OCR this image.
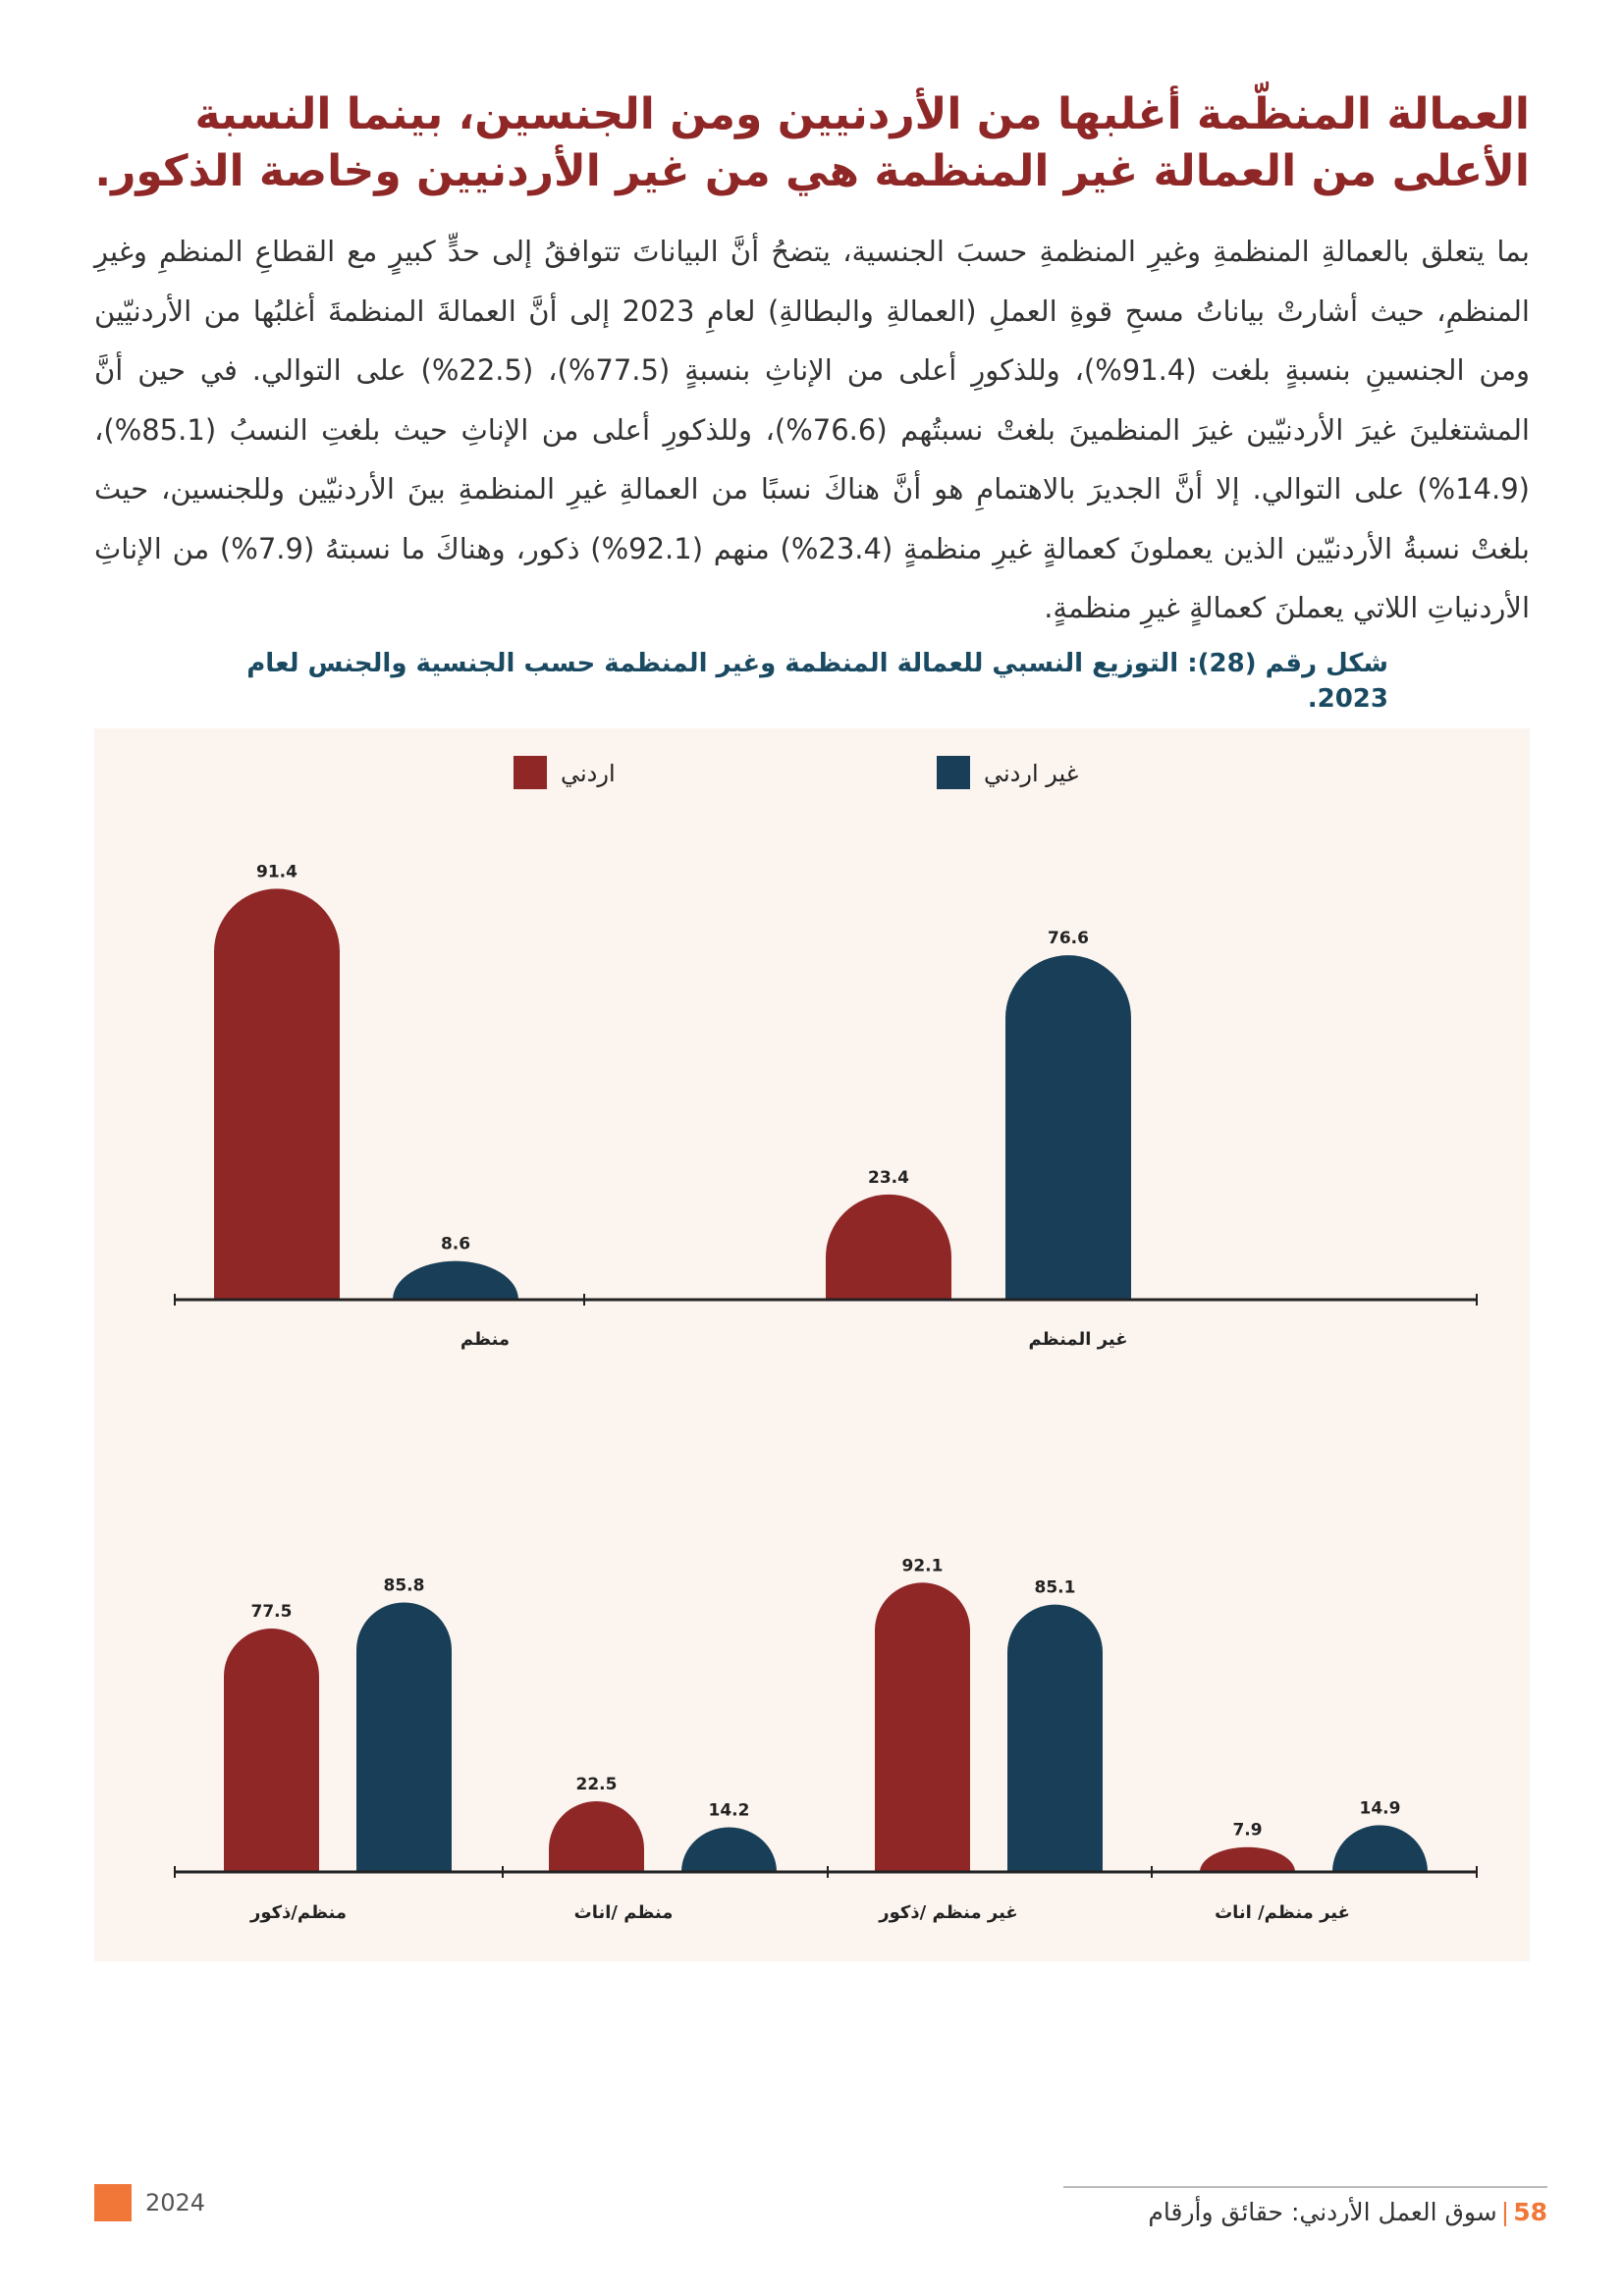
العمالة المنظّمة أغلبها من الأردنيين ومن الجنسين، بينما النسبة الأعلى من العمالة غير المنظمة هي من غير الأردنيين وخاصة الذكور.

بما يتعلق بالعمالةِ المنظمةِ وغيرِ المنظمةِ حسبَ الجنسية، يتضحُ أنَّ البياناتَ تتوافقُ إلى حدٍّ كبيرٍ مع القطاعِ المنظمِ وغيرِ المنظمِ، حيث أشارتْ بياناتُ مسحِ قوةِ العملِ (العمالةِ والبطالةِ) لعامِ 2023 إلى أنَّ العمالةَ المنظمةَ أغلبُها من الأردنيّين ومن الجنسينِ بنسبةٍ بلغت (91.4%)، وللذكورِ أعلى من الإناثِ بنسبةٍ (77.5%)، (22.5%) على التوالي. في حين أنَّ المشتغلينَ غيرَ الأردنيّين غيرَ المنظمينَ بلغتْ نسبتُهم (76.6%)، وللذكورِ أعلى من الإناثِ حيث بلغتِ النسبُ (85.1%)، (14.9%) على التوالي. إلا أنَّ الجديرَ بالاهتمامِ هو أنَّ هناكَ نسبًا من العمالةِ غيرِ المنظمةِ بينَ الأردنيّين وللجنسين، حيث بلغتْ نسبةُ الأردنيّين الذين يعملونَ كعمالةٍ غيرِ منظمةٍ (23.4%) منهم (92.1%) ذكور، وهناكَ ما نسبتهُ (7.9%) من الإناثِ الأردنياتِ اللاتي يعملنَ كعمالةٍ غيرِ منظمةٍ.

شكل رقم (28): التوزيع النسبي للعمالة المنظمة وغير المنظمة حسب الجنسية والجنس لعام 2023.

91.4
8.6
منظم
23.4
76.6
غير المنظم
77.5
85.8
منظم/ذكور
22.5
14.2
منظم /اناث
92.1
85.1
غير منظم /ذكور
7.9
14.9
غير منظم/ اناث
اردني	غير اردني
2024	58|سوق العمل الأردني: حقائق وأرقام
